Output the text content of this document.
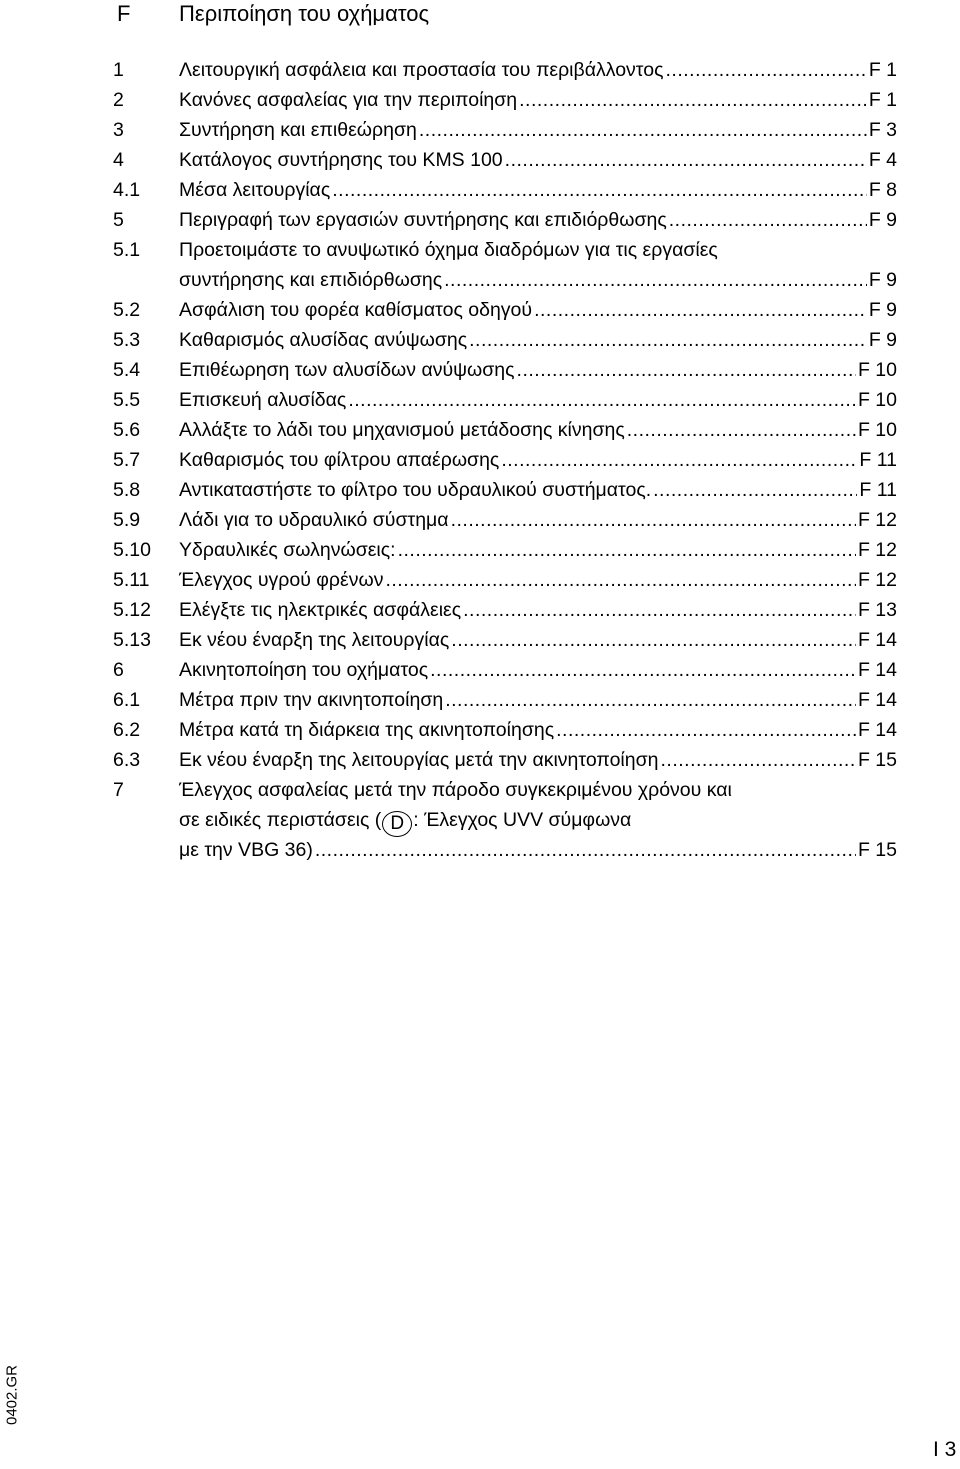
F Περιποίηση του οχήματος
1	Λειτουργική ασφάλεια και προστασία του περιβάλλοντος .....	F 1
2	Κανόνες ασφαλείας για την περιποίηση .....	F 1
3	Συντήρηση και επιθεώρηση .....	F 3
4	Κατάλογος συντήρησης του KMS 100 .....	F 4
4.1 Μέσα λειτουργίας .....	F 8
5	Περιγραφή των εργασιών συντήρησης και επιδιόρθωσης .....	F 9
5.1 Προετοιμάστε το ανυψωτικό όχημα διαδρόμων για τις εργασίες
συντήρησης και επιδιόρθωσης .....	F 9
5.2 Ασφάλιση του φορέα καθίσματος οδηγού .....	F 9
5.3 Καθαρισμός αλυσίδας ανύψωσης .....	F 9
5.4 Επιθέωρηση των αλυσίδων ανύψωσης .....	F 10
5.5 Επισκευή αλυσίδας .....	F 10
5.6 Αλλάξτε το λάδι του μηχανισμού μετάδοσης κίνησης .....	F 10
5.7 Καθαρισμός του φίλτρου απαέρωσης .....	F 11
5.8 Αντικαταστήστε το φίλτρο του υδραυλικού συστήματος. .....	F 11
5.9 Λάδι για το υδραυλικό σύστημα .....	F 12
5.10 Υδραυλικές σωληνώσεις: .....	F 12
5.11 Έλεγχος υγρού φρένων .....	F 12
5.12 Ελέγξτε τις ηλεκτρικές ασφάλειες .....	F 13
5.13 Εκ νέου έναρξη της λειτουργίας .....	F 14
6	Ακινητοποίηση του οχήματος .....	F 14
6.1 Μέτρα πριν την ακινητοποίηση .....	F 14
6.2 Μέτρα κατά τη διάρκεια της ακινητοποίησης .....	F 14
6.3 Εκ νέου έναρξη της λειτουργίας μετά την ακινητοποίηση .....	F 15
7	Έλεγχος ασφαλείας μετά την πάροδο συγκεκριμένου χρόνου και
σε ειδικές περιστάσεις ( D : Έλεγχος UVV σύμφωνα
με την VBG 36) .....	F 15
0402.GR
I 3
